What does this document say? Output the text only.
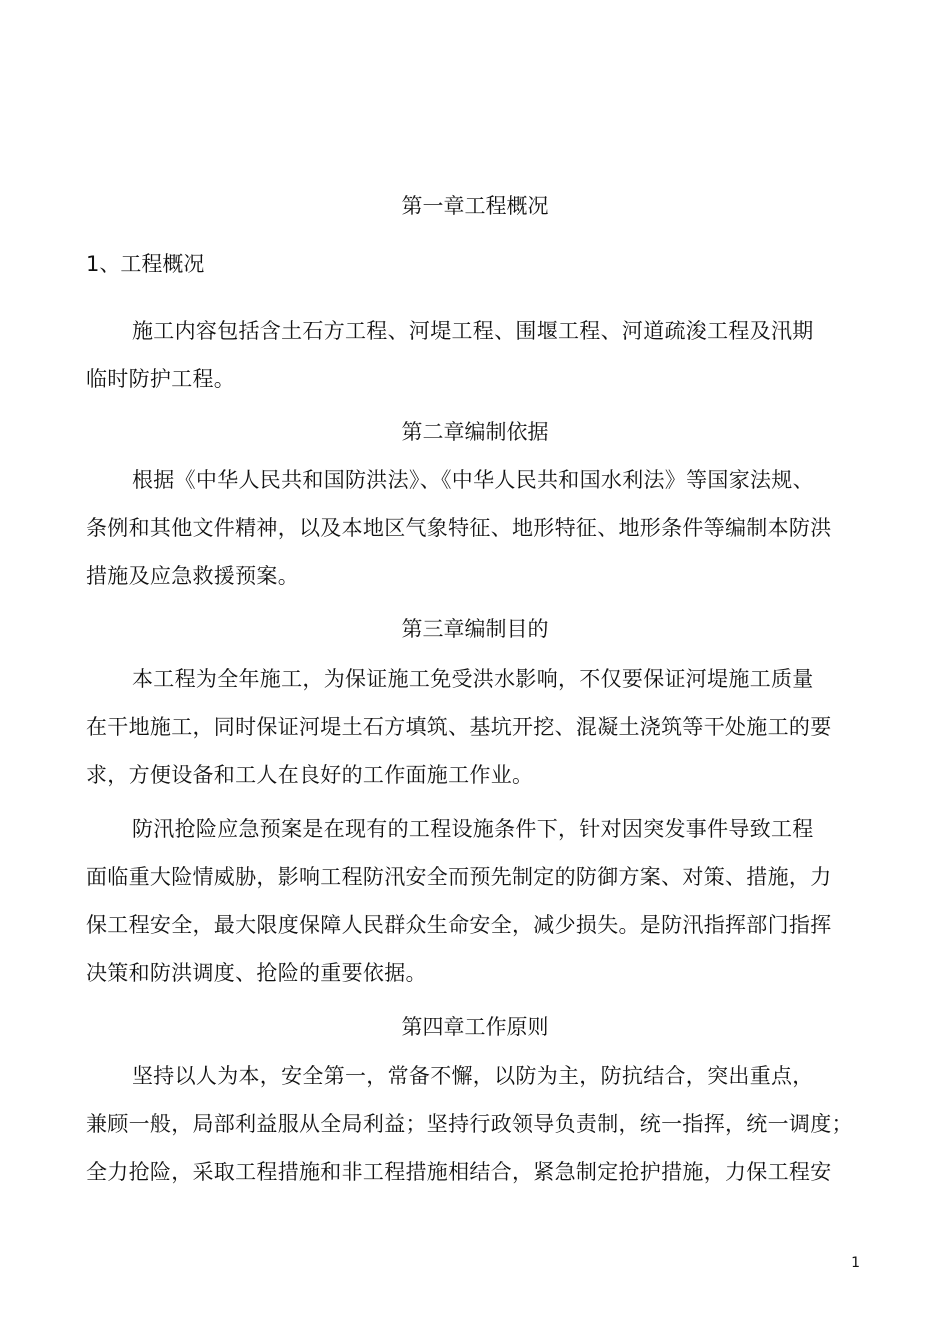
第一章工程概况
1、工程概况
施工内容包括含土石方工程、河堤工程、围堰工程、河道疏浚工程及汛期
临时防护工程。
第二章编制依据
根据《中华人民共和国防洪法》、《中华人民共和国水利法》等国家法规、
条例和其他文件精神，以及本地区气象特征、地形特征、地形条件等编制本防洪
措施及应急救援预案。
第三章编制目的
本工程为全年施工，为保证施工免受洪水影响，不仅要保证河堤施工质量
在干地施工，同时保证河堤土石方填筑、基坑开挖、混凝土浇筑等干处施工的要
求，方便设备和工人在良好的工作面施工作业。
防汛抢险应急预案是在现有的工程设施条件下，针对因突发事件导致工程
面临重大险情威胁，影响工程防汛安全而预先制定的防御方案、对策、措施，力
保工程安全，最大限度保障人民群众生命安全，减少损失。是防汛指挥部门指挥
决策和防洪调度、抢险的重要依据。
第四章工作原则
坚持以人为本，安全第一，常备不懈，以防为主，防抗结合，突出重点，
兼顾一般，局部利益服从全局利益；坚持行政领导负责制，统一指挥，统一调度；
全力抢险，采取工程措施和非工程措施相结合，紧急制定抢护措施，力保工程安
1
